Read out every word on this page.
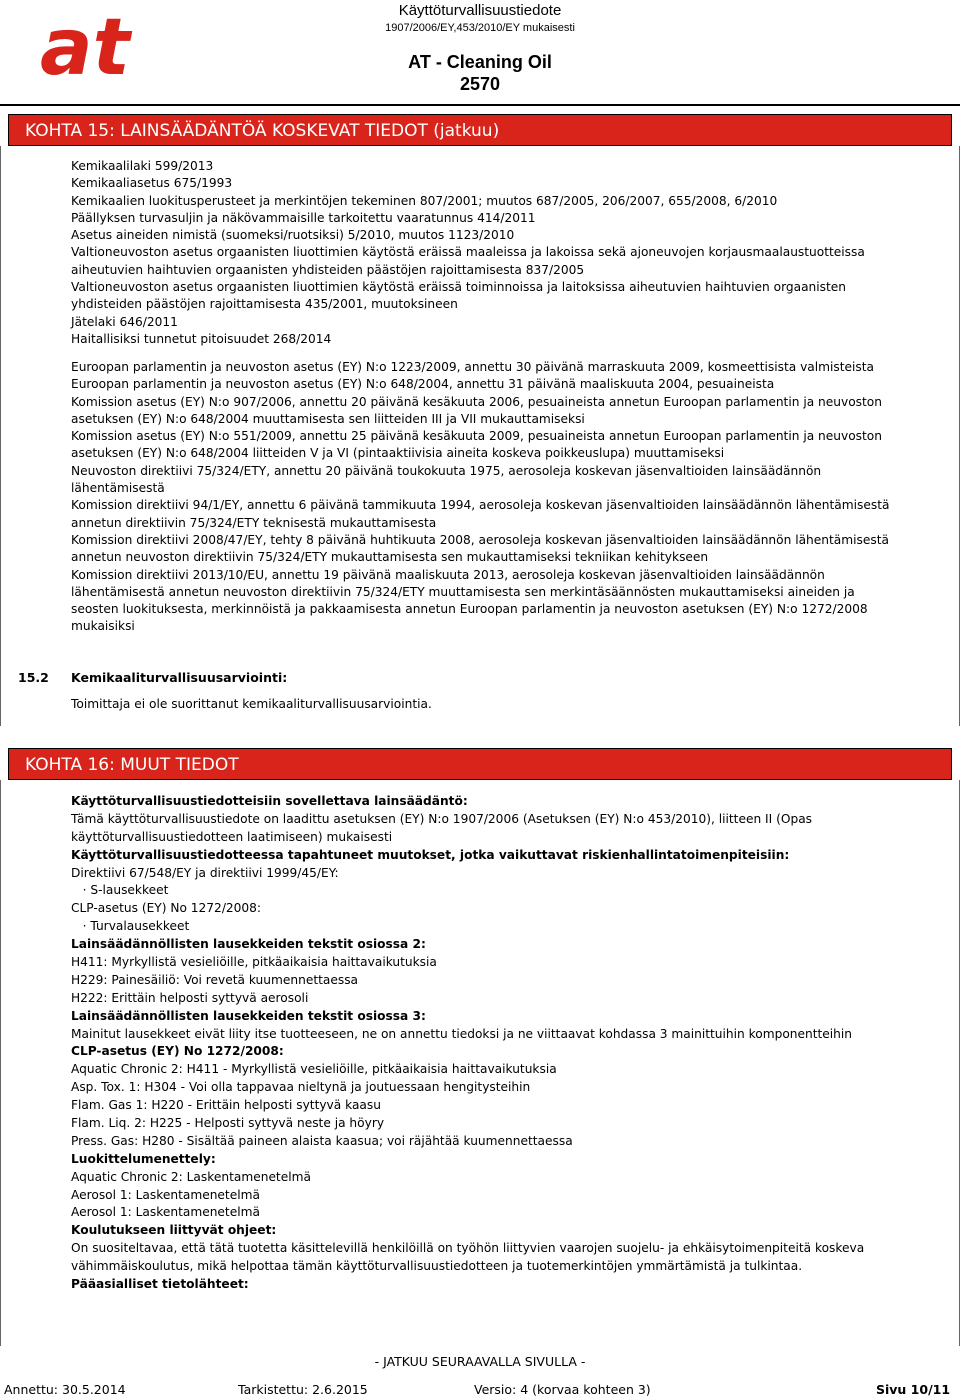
at	Käyttöturvallisuustiedote
1907/2006/EY,453/2010/EY mukaisesti
AT - Cleaning Oil
2570
KOHTA 15: LAINSÄÄDÄNTÖÄ KOSKEVAT TIEDOT (jatkuu)
Kemikaalilaki 599/2013
Kemikaaliasetus 675/1993
Kemikaalien luokitusperusteet ja merkintöjen tekeminen 807/2001; muutos 687/2005, 206/2007, 655/2008, 6/2010
Päällyksen turvasuljin ja näkövammaisille tarkoitettu vaaratunnus 414/2011
Asetus aineiden nimistä (suomeksi/ruotsiksi) 5/2010, muutos 1123/2010
Valtioneuvoston asetus orgaanisten liuottimien käytöstä eräissä maaleissa ja lakoissa sekä ajoneuvojen korjausmaalaustuotteissa
aiheutuvien haihtuvien orgaanisten yhdisteiden päästöjen rajoittamisesta 837/2005
Valtioneuvoston asetus orgaanisten liuottimien käytöstä eräissä toiminnoissa ja laitoksissa aiheutuvien haihtuvien orgaanisten
yhdisteiden päästöjen rajoittamisesta 435/2001, muutoksineen
Jätelaki 646/2011
Haitallisiksi tunnetut pitoisuudet 268/2014
Euroopan parlamentin ja neuvoston asetus (EY) N:o 1223/2009, annettu 30 päivänä marraskuuta 2009, kosmeettisista valmisteista
Euroopan parlamentin ja neuvoston asetus (EY) N:o 648/2004, annettu 31 päivänä maaliskuuta 2004, pesuaineista
Komission asetus (EY) N:o 907/2006, annettu 20 päivänä kesäkuuta 2006, pesuaineista annetun Euroopan parlamentin ja neuvoston
asetuksen (EY) N:o 648/2004 muuttamisesta sen liitteiden III ja VII mukauttamiseksi
Komission asetus (EY) N:o 551/2009, annettu 25 päivänä kesäkuuta 2009, pesuaineista annetun Euroopan parlamentin ja neuvoston
asetuksen (EY) N:o 648/2004 liitteiden V ja VI (pintaaktiivisia aineita koskeva poikkeuslupa) muuttamiseksi
Neuvoston direktiivi 75/324/ETY, annettu 20 päivänä toukokuuta 1975, aerosoleja koskevan jäsenvaltioiden lainsäädännön
lähentämisestä
Komission direktiivi 94/1/EY, annettu 6 päivänä tammikuuta 1994, aerosoleja koskevan jäsenvaltioiden lainsäädännön lähentämisestä
annetun direktiivin 75/324/ETY teknisestä mukauttamisesta
Komission direktiivi 2008/47/EY, tehty 8 päivänä huhtikuuta 2008, aerosoleja koskevan jäsenvaltioiden lainsäädännön lähentämisestä
annetun neuvoston direktiivin 75/324/ETY mukauttamisesta sen mukauttamiseksi tekniikan kehitykseen
Komission direktiivi 2013/10/EU, annettu 19 päivänä maaliskuuta 2013, aerosoleja koskevan jäsenvaltioiden lainsäädännön
lähentämisestä annetun neuvoston direktiivin 75/324/ETY muuttamisesta sen merkintäsäännösten mukauttamiseksi aineiden ja
seosten luokituksesta, merkinnöistä ja pakkaamisesta annetun Euroopan parlamentin ja neuvoston asetuksen (EY) N:o 1272/2008
mukaisiksi
15.2 Kemikaaliturvallisuusarviointi:
Toimittaja ei ole suorittanut kemikaaliturvallisuusarviointia.
KOHTA 16: MUUT TIEDOT
Käyttöturvallisuustiedotteisiin sovellettava lainsäädäntö:
Tämä käyttöturvallisuustiedote on laadittu asetuksen (EY) N:o 1907/2006 (Asetuksen (EY) N:o 453/2010), liitteen II (Opas
käyttöturvallisuustiedotteen laatimiseen) mukaisesti
Käyttöturvallisuustiedotteessa tapahtuneet muutokset, jotka vaikuttavat riskienhallintatoimenpiteisiin:
Direktiivi 67/548/EY ja direktiivi 1999/45/EY:
· S-lausekkeet
CLP-asetus (EY) No 1272/2008:
· Turvalausekkeet
Lainsäädännöllisten lausekkeiden tekstit osiossa 2:
H411: Myrkyllistä vesieliöille, pitkäaikaisia haittavaikutuksia
H229: Painesäiliö: Voi revetä kuumennettaessa
H222: Erittäin helposti syttyvä aerosoli
Lainsäädännöllisten lausekkeiden tekstit osiossa 3:
Mainitut lausekkeet eivät liity itse tuotteeseen, ne on annettu tiedoksi ja ne viittaavat kohdassa 3 mainittuihin komponentteihin
CLP-asetus (EY) No 1272/2008:
Aquatic Chronic 2: H411 - Myrkyllistä vesieliöille, pitkäaikaisia haittavaikutuksia
Asp. Tox. 1: H304 - Voi olla tappavaa nieltynä ja joutuessaan hengitysteihin
Flam. Gas 1: H220 - Erittäin helposti syttyvä kaasu
Flam. Liq. 2: H225 - Helposti syttyvä neste ja höyry
Press. Gas: H280 - Sisältää paineen alaista kaasua; voi räjähtää kuumennettaessa
Luokittelumenettely:
Aquatic Chronic 2: Laskentamenetelmä
Aerosol 1: Laskentamenetelmä
Aerosol 1: Laskentamenetelmä
Koulutukseen liittyvät ohjeet:
On suositeltavaa, että tätä tuotetta käsittelevillä henkilöillä on työhön liittyvien vaarojen suojelu- ja ehkäisytoimenpiteitä koskeva
vähimmäiskoulutus, mikä helpottaa tämän käyttöturvallisuustiedotteen ja tuotemerkintöjen ymmärtämistä ja tulkintaa.
Pääasialliset tietolähteet:
- JATKUU SEURAAVALLA SIVULLA -
Annettu: 30.5.2014	Tarkistettu: 2.6.2015	Versio: 4 (korvaa kohteen 3)	Sivu 10/11
